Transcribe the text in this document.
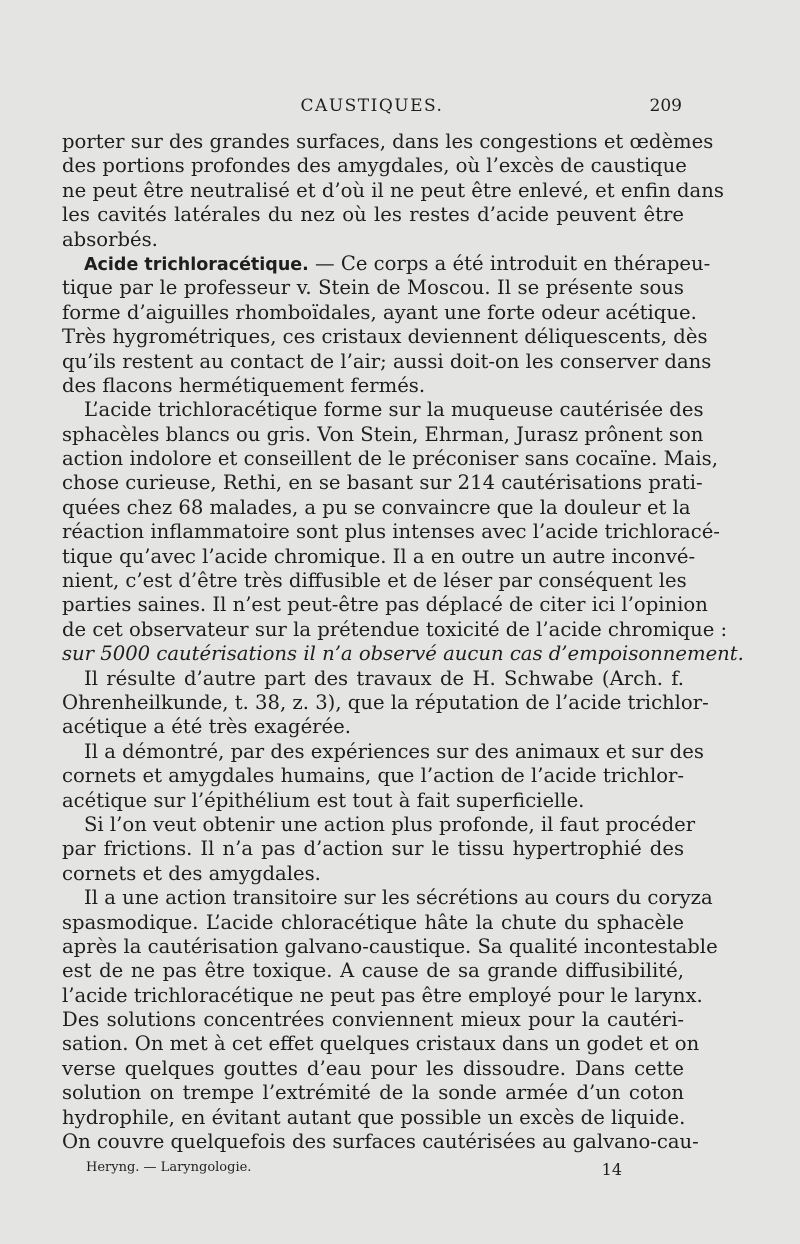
CAUSTIQUES.	209
porter sur des grandes surfaces, dans les congestions et œdèmes
des portions profondes des amygdales, où l’excès de caustique
ne peut être neutralisé et d’où il ne peut être enlevé, et enfin dans
les cavités latérales du nez où les restes d’acide peuvent être
absorbés.
Acide trichloracétique. — Ce corps a été introduit en thérapeu-
tique par le professeur v. Stein de Moscou. Il se présente sous
forme d’aiguilles rhomboïdales, ayant une forte odeur acétique.
Très hygrométriques, ces cristaux deviennent déliquescents, dès
qu’ils restent au contact de l’air; aussi doit-on les conserver dans
des flacons hermétiquement fermés.
L’acide trichloracétique forme sur la muqueuse cautérisée des
sphacèles blancs ou gris. Von Stein, Ehrman, Jurasz prônent son
action indolore et conseillent de le préconiser sans cocaïne. Mais,
chose curieuse, Rethi, en se basant sur 214 cautérisations prati-
quées chez 68 malades, a pu se convaincre que la douleur et la
réaction inflammatoire sont plus intenses avec l’acide trichloracé-
tique qu’avec l’acide chromique. Il a en outre un autre inconvé-
nient, c’est d’être très diffusible et de léser par conséquent les
parties saines. Il n’est peut-être pas déplacé de citer ici l’opinion
de cet observateur sur la prétendue toxicité de l’acide chromique :
sur 5000 cautérisations il n’a observé aucun cas d’empoisonnement.
Il résulte d’autre part des travaux de H. Schwabe (Arch. f.
Ohrenheilkunde, t. 38, z. 3), que la réputation de l’acide trichlor-
acétique a été très exagérée.
Il a démontré, par des expériences sur des animaux et sur des
cornets et amygdales humains, que l’action de l’acide trichlor-
acétique sur l’épithélium est tout à fait superficielle.
Si l’on veut obtenir une action plus profonde, il faut procéder
par frictions. Il n’a pas d’action sur le tissu hypertrophié des
cornets et des amygdales.
Il a une action transitoire sur les sécrétions au cours du coryza
spasmodique. L’acide chloracétique hâte la chute du sphacèle
après la cautérisation galvano-caustique. Sa qualité incontestable
est de ne pas être toxique. A cause de sa grande diffusibilité,
l’acide trichloracétique ne peut pas être employé pour le larynx.
Des solutions concentrées conviennent mieux pour la cautéri-
sation. On met à cet effet quelques cristaux dans un godet et on
verse quelques gouttes d’eau pour les dissoudre. Dans cette
solution on trempe l’extrémité de la sonde armée d’un coton
hydrophile, en évitant autant que possible un excès de liquide.
On couvre quelquefois des surfaces cautérisées au galvano-cau-
Heryng. — Laryngologie.	14
